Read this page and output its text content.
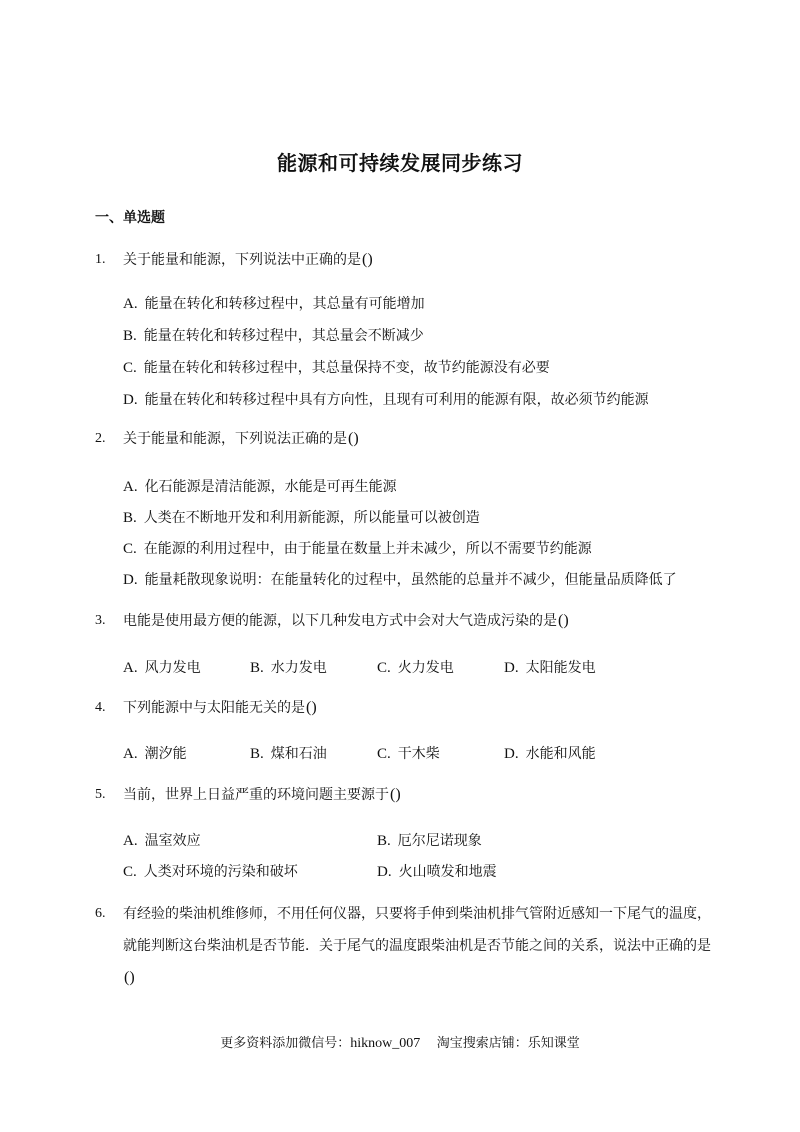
能源和可持续发展同步练习
一、单选题
1.	关于能量和能源，下列说法中正确的是()
A. 能量在转化和转移过程中，其总量有可能增加
B. 能量在转化和转移过程中，其总量会不断减少
C. 能量在转化和转移过程中，其总量保持不变，故节约能源没有必要
D. 能量在转化和转移过程中具有方向性，且现有可利用的能源有限，故必须节约能源
2.	关于能量和能源，下列说法正确的是()
A. 化石能源是清洁能源，水能是可再生能源
B. 人类在不断地开发和利用新能源，所以能量可以被创造
C. 在能源的利用过程中，由于能量在数量上并未减少，所以不需要节约能源
D. 能量耗散现象说明：在能量转化的过程中，虽然能的总量并不减少，但能量品质降低了
3.	电能是使用最方便的能源，以下几种发电方式中会对大气造成污染的是()
A. 风力发电	B. 水力发电	C. 火力发电	D. 太阳能发电
4.	下列能源中与太阳能无关的是()
A. 潮汐能	B. 煤和石油	C. 干木柴	D. 水能和风能
5.	当前，世界上日益严重的环境问题主要源于()
A. 温室效应	B. 厄尔尼诺现象
C. 人类对环境的污染和破坏	D. 火山喷发和地震
6.	有经验的柴油机维修师，不用任何仪器，只要将手伸到柴油机排气管附近感知一下尾气的温度，就能判断这台柴油机是否节能．关于尾气的温度跟柴油机是否节能之间的关系，说法中正确的是()
更多资料添加微信号：hiknow_007 淘宝搜索店铺：乐知课堂
